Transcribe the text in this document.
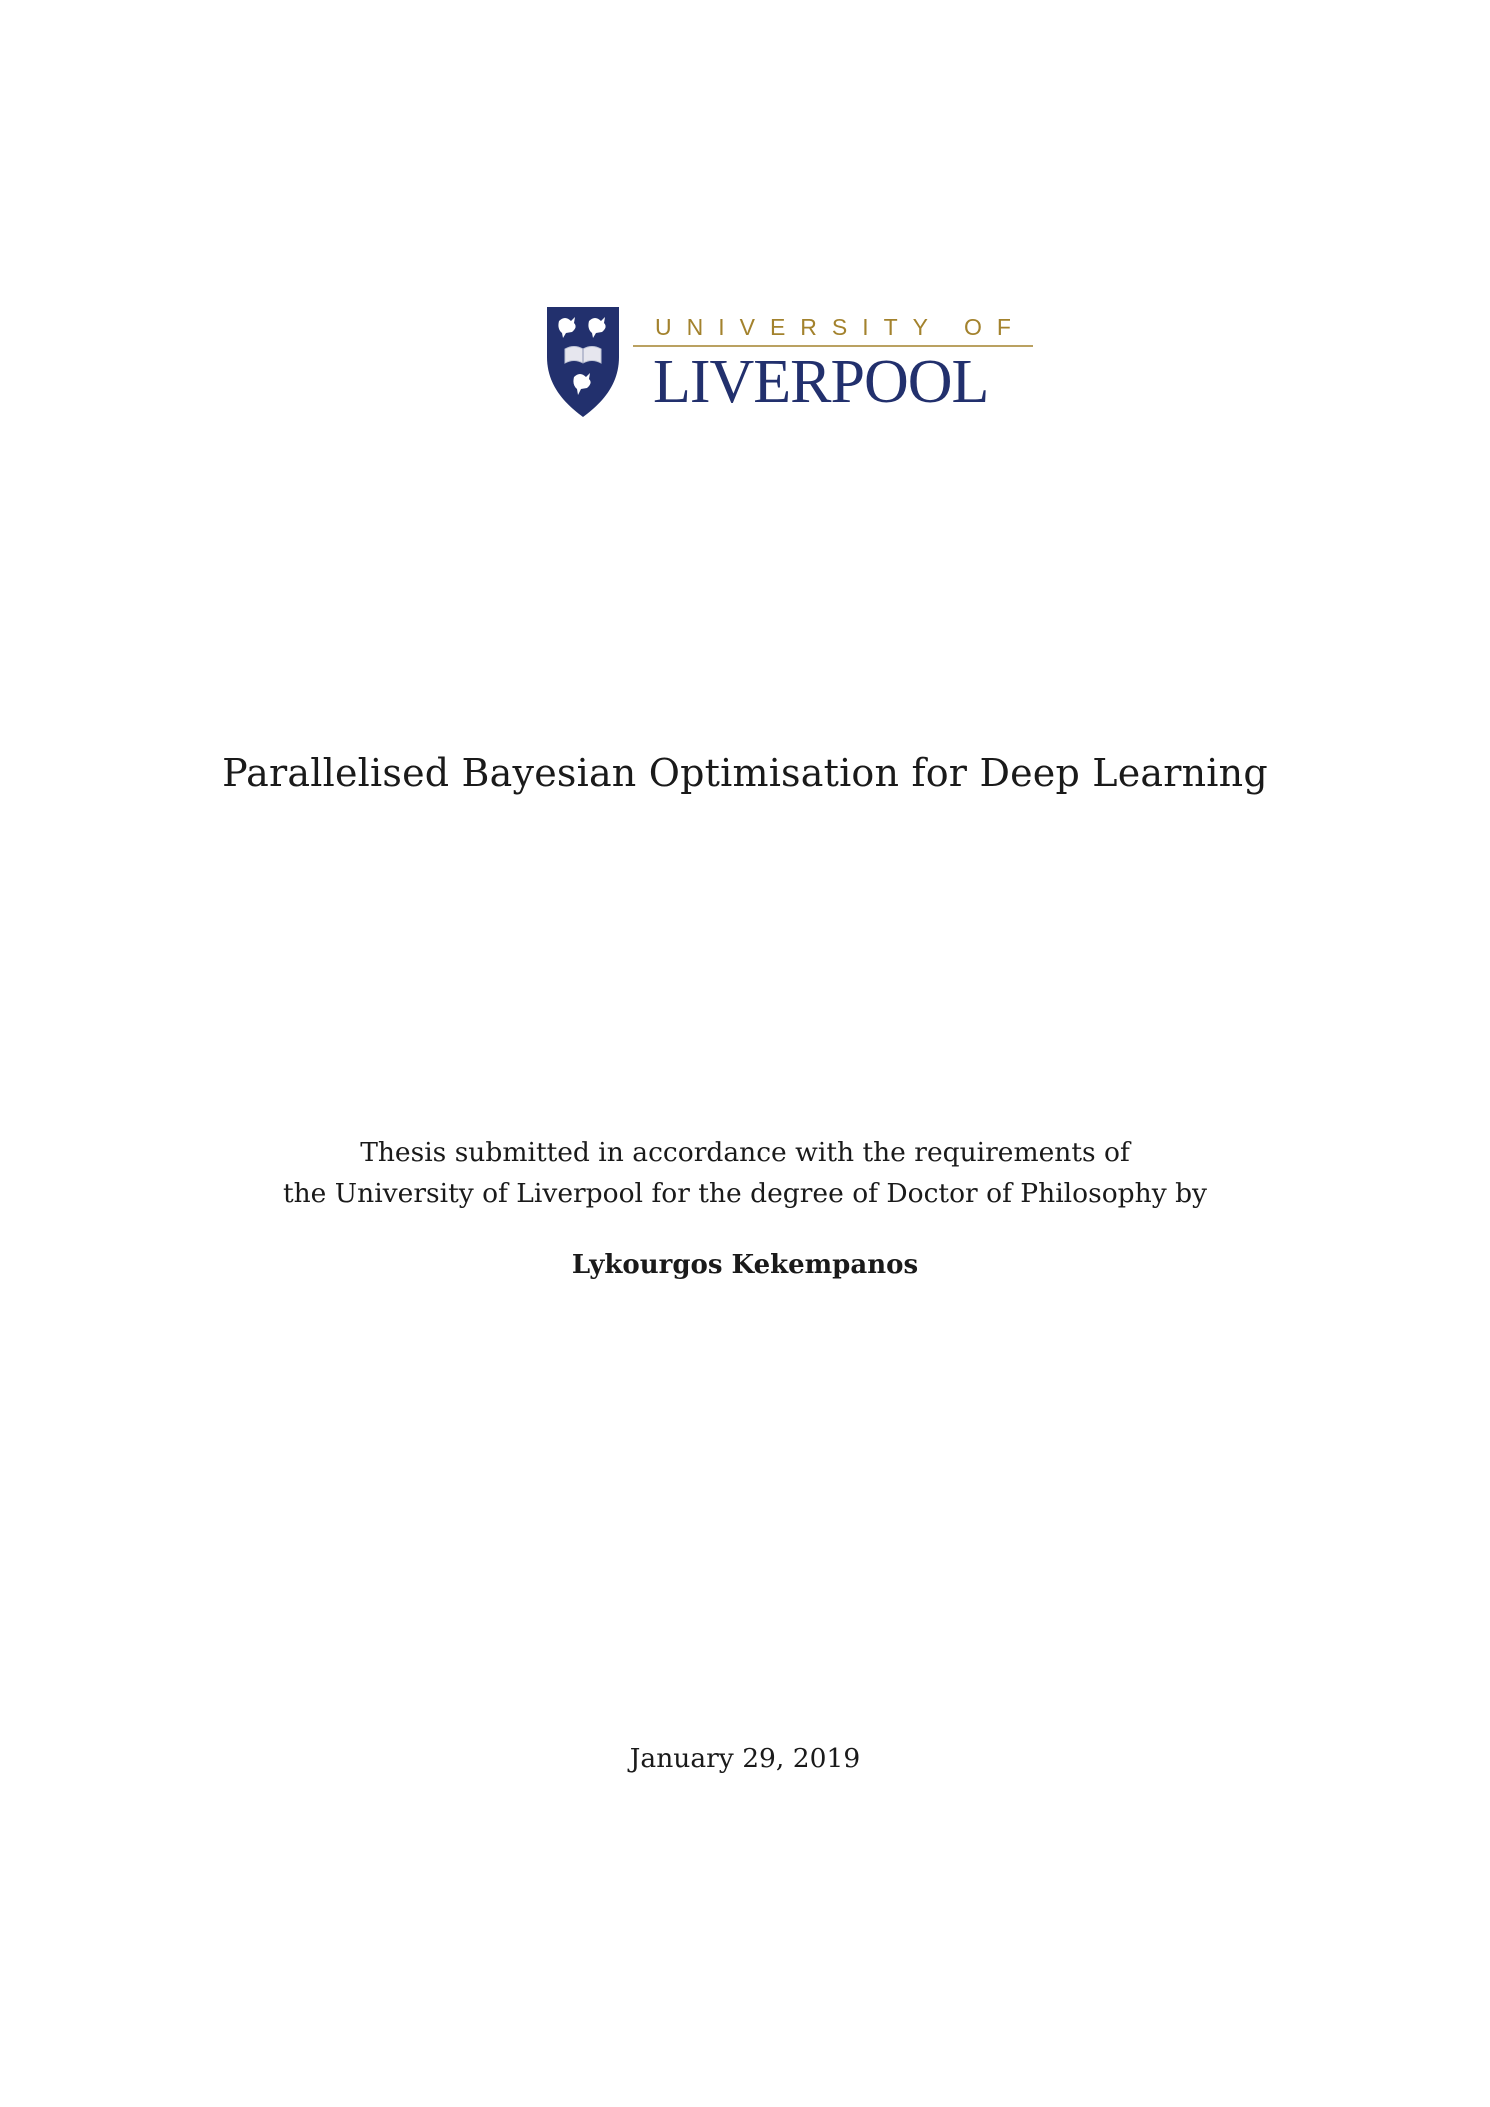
UNIVERSITY OF
LIVERPOOL
Parallelised Bayesian Optimisation for Deep Learning
Thesis submitted in accordance with the requirements of
the University of Liverpool for the degree of Doctor of Philosophy by
Lykourgos Kekempanos
January 29, 2019
